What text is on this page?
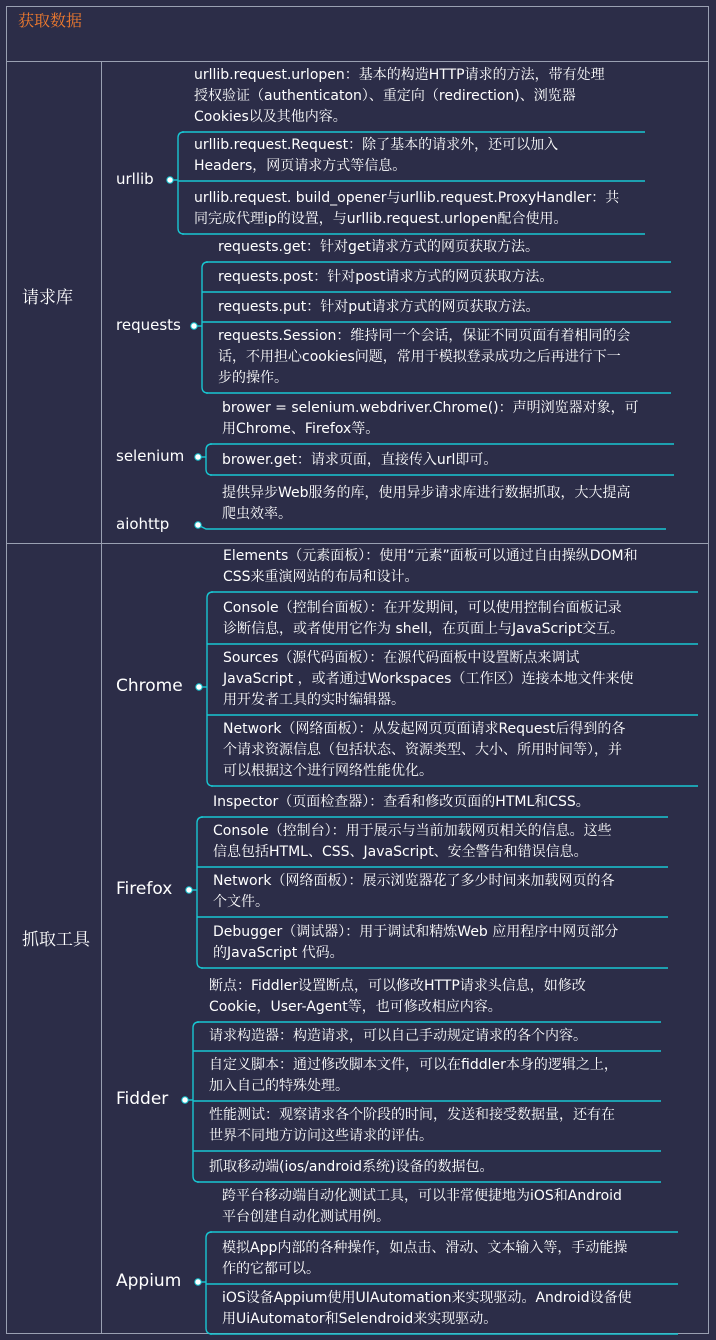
获取数据
请求库
urllib
urllib.request.urlopen：基本的构造HTTP请求的方法，带有处理
授权验证（authenticaton）、重定向（redirection)、浏览器
Cookies以及其他内容。
urllib.request.Request：除了基本的请求外，还可以加入
Headers，网页请求方式等信息。
urllib.request. build_opener与urllib.request.ProxyHandler：共
同完成代理ip的设置，与urllib.request.urlopen配合使用。
requests
requests.get：针对get请求方式的网页获取方法。
requests.post：针对post请求方式的网页获取方法。
requests.put：针对put请求方式的网页获取方法。
requests.Session：维持同一个会话，保证不同页面有着相同的会
话，不用担心cookies问题，常用于模拟登录成功之后再进行下一
步的操作。
selenium
brower = selenium.webdriver.Chrome()：声明浏览器对象，可
用Chrome、Firefox等。
brower.get：请求页面，直接传入url即可。
aiohttp
提供异步Web服务的库，使用异步请求库进行数据抓取，大大提高
爬虫效率。
抓取工具
Chrome
Elements（元素面板）：使用“元素”面板可以通过自由操纵DOM和
CSS来重演网站的布局和设计。
Console（控制台面板）：在开发期间，可以使用控制台面板记录
诊断信息，或者使用它作为 shell，在页面上与JavaScript交互。
Sources（源代码面板）：在源代码面板中设置断点来调试
JavaScript ，或者通过Workspaces（工作区）连接本地文件来使
用开发者工具的实时编辑器。
Network（网络面板）：从发起网页页面请求Request后得到的各
个请求资源信息（包括状态、资源类型、大小、所用时间等），并
可以根据这个进行网络性能优化。
Firefox
Inspector（页面检查器）：查看和修改页面的HTML和CSS。
Console（控制台）：用于展示与当前加载网页相关的信息。这些
信息包括HTML、CSS、JavaScript、安全警告和错误信息。
Network（网络面板）：展示浏览器花了多少时间来加载网页的各
个文件。
Debugger（调试器）：用于调试和精炼Web 应用程序中网页部分
的JavaScript 代码。
Fidder
断点：Fiddler设置断点，可以修改HTTP请求头信息，如修改
Cookie，User-Agent等，也可修改相应内容。
请求构造器：构造请求，可以自己手动规定请求的各个内容。
自定义脚本：通过修改脚本文件，可以在fiddler本身的逻辑之上，
加入自己的特殊处理。
性能测试：观察请求各个阶段的时间，发送和接受数据量，还有在
世界不同地方访问这些请求的评估。
抓取移动端(ios/android系统)设备的数据包。
Appium
跨平台移动端自动化测试工具，可以非常便捷地为iOS和Android
平台创建自动化测试用例。
模拟App内部的各种操作，如点击、滑动、文本输入等，手动能操
作的它都可以。
iOS设备Appium使用UIAutomation来实现驱动。Android设备使
用UiAutomator和Selendroid来实现驱动。
